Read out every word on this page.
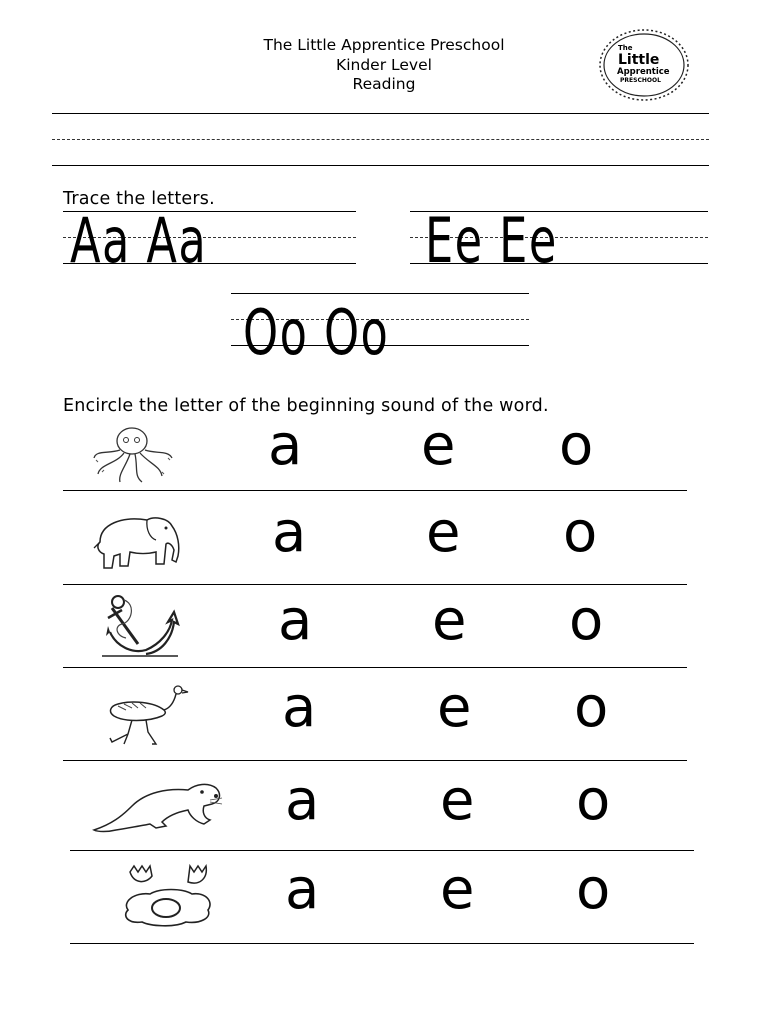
The Little Apprentice Preschool
Kinder Level
Reading
The
Little
Apprentice
PRESCHOOL
Trace the letters.
Aa Aa	Ee Ee
Oo Oo
Encircle the letter of the beginning sound of the word.
a e o
a e o
a e o
a e o
a e o
a e o
